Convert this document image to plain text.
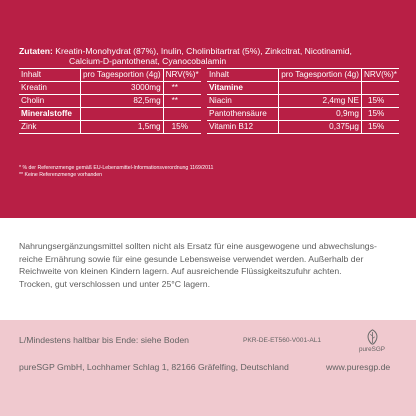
Zutaten: Kreatin-Monohydrat (87%), Inulin, Cholinbitartrat (5%), Zinkcitrat, Nicotinamid,
Calcium-D-pantothenat, Cyanocobalamin
Inhalt	pro Tagesportion (4g)	NRV(%)*
Kreatin	3000mg	**
Cholin	82,5mg	**
Mineralstoffe		
Zink	1,5mg	15%
Inhalt	pro Tagesportion (4g)	NRV(%)*
Vitamine		
Niacin	2,4mg NE	15%
Pantothensäure	0,9mg	15%
Vitamin B12	0,375µg	15%
* % der Referenzmenge gemäß EU-Lebensmittel-Informationsverordnung 1169/2011
** Keine Referenzmenge vorhanden
Nahrungsergänzungsmittel sollten nicht als Ersatz für eine ausgewogene und abwechslungs-
reiche Ernährung sowie für eine gesunde Lebensweise verwendet werden. Außerhalb der
Reichweite von kleinen Kindern lagern. Auf ausreichende Flüssigkeitszufuhr achten.
Trocken, gut verschlossen und unter 25°C lagern.
L/Mindestens haltbar bis Ende: siehe Boden	PKR-DE-ET560-V001-AL1
pureSGP
pureSGP GmbH, Lochhamer Schlag 1, 82166 Gräfelfing, Deutschland	www.puresgp.de
